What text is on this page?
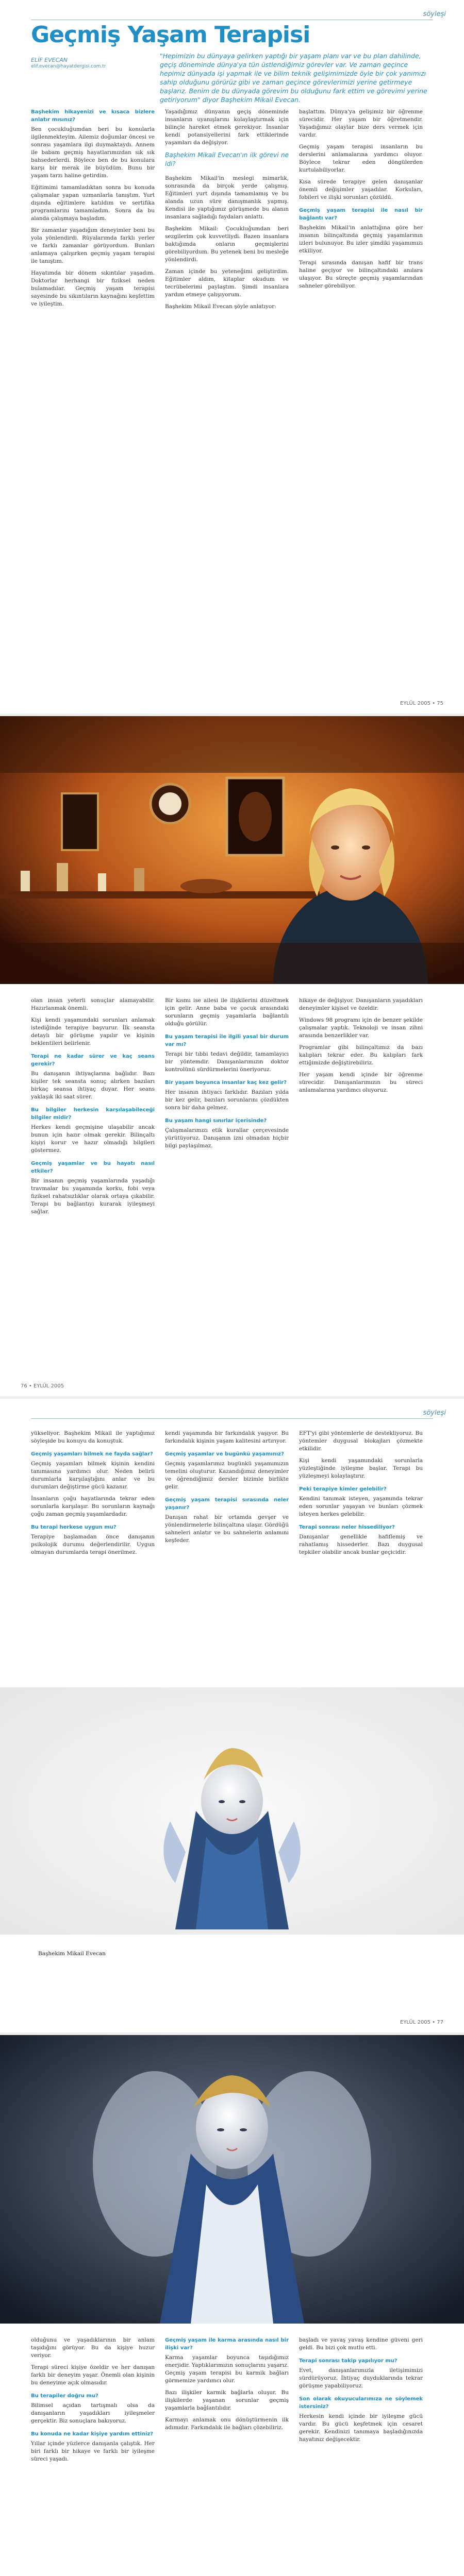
söyleşi
Geçmiş Yaşam Terapisi
ELİF EVECAN
elif.evecan@hayatdergisi.com.tr
"Hepimizin bu dünyaya gelirken yaptığı bir yaşam planı var ve bu plan dahilinde, geçiş döneminde dünya'ya tün üstlendiğimiz görevler var. Ve zaman geçince hepimiz dünyada işi yapmak ile ve bilim teknik gelişimimizde öyle bir çok yanımızı sahip olduğunu görürüz gibi ve zaman geçince görevlerimizi yerine getirmeye başlarız. Benim de bu dünyada görevim bu olduğunu fark ettim ve görevimi yerine getiriyorum" diyor Başhekim Mikail Evecan.
Başhekim hikayenizi ve kısaca bizlere anlatır mısınız?

Ben çocukluğumdan beri bu konularla ilgilenmekteyim. Ailemiz doğumlar öncesi ve sonrası yaşamlara ilgi duymaktaydı. Annem ile babam geçmiş hayatlarımızdan sık sık bahsederlerdi. Böylece ben de bu konulara karşı bir merak ile büyüdüm. Bunu bir yaşam tarzı haline getirdim.

Eğitimimi tamamladıktan sonra bu konuda çalışmalar yapan uzmanlarla tanıştım. Yurt dışında eğitimlere katıldım ve sertifika programlarını tamamladım. Sonra da bu alanda çalışmaya başladım.

Bir zamanlar yaşadığım deneyimler beni bu yola yönlendirdi. Rüyalarımda farklı yerler ve farklı zamanlar görüyordum. Bunları anlamaya çalışırken geçmiş yaşam terapisi ile tanıştım.

Hayatımda bir dönem sıkıntılar yaşadım. Doktorlar herhangi bir fiziksel neden bulamadılar. Geçmiş yaşam terapisi sayesinde bu sıkıntıların kaynağını keşfettim ve iyileştim.

Yaşadığımız dünyanın geçiş döneminde insanların uyanışlarını kolaylaştırmak için bilinçle hareket etmek gerekiyor. İnsanlar kendi potansiyellerini fark ettiklerinde yaşamları da değişiyor.

Başhekim Mikail Evecan'ın ilk görevi ne idi?

Başhekim Mikail'in meslegi mimarlık, sonrasında da birçok yerde çalışmış. Eğitimleri yurt dışında tamamlamış ve bu alanda uzun süre danışmanlık yapmış. Kendisi ile yaptığımız görüşmede bu alanın insanlara sağladığı faydaları anlattı.

Başhekim Mikail: Çocukluğumdan beri sezgilerim çok kuvvetliydi. Bazen insanlara baktığımda onların geçmişlerini görebiliyordum. Bu yetenek beni bu mesleğe yönlendirdi.

Zaman içinde bu yeteneğimi geliştirdim. Eğitimler aldım, kitaplar okudum ve tecrübelerimi paylaştım. Şimdi insanlara yardım etmeye çalışıyorum.

Başhekim Mikail Evecan şöyle anlatıyor:

başlattım. Dünya'ya gelişimiz bir öğrenme sürecidir. Her yaşam bir öğretmendir. Yaşadığımız olaylar bize ders vermek için vardır.

Geçmiş yaşam terapisi insanların bu derslerini anlamalarına yardımcı oluyor. Böylece tekrar eden döngülerden kurtulabiliyorlar.

Kısa sürede terapiye gelen danışanlar önemli değişimler yaşadılar. Korkuları, fobileri ve ilişki sorunları çözüldü.

Geçmiş yaşam terapisi ile nasıl bir bağlantı var?

Başhekim Mikail'in anlattığına göre her insanın bilinçaltında geçmiş yaşamlarının izleri bulunuyor. Bu izler şimdiki yaşamımızı etkiliyor.

Terapi sırasında danışan hafif bir trans haline geçiyor ve bilinçaltındaki anılara ulaşıyor. Bu süreçte geçmiş yaşamlarından sahneler görebiliyor.

EYLÜL 2005 • 75

olan insan yeterli sonuçlar alamayabilir. Hazırlanmak önemli.

Kişi kendi yaşamındaki sorunları anlamak istediğinde terapiye başvurur. İlk seansta detaylı bir görüşme yapılır ve kişinin beklentileri belirlenir.

Terapi ne kadar sürer ve kaç seans gerekir?

Bu danışanın ihtiyaçlarına bağlıdır. Bazı kişiler tek seansta sonuç alırken bazıları birkaç seansa ihtiyaç duyar. Her seans yaklaşık iki saat sürer.

Bu bilgiler herkesin karşılaşabileceği bilgiler midir?

Herkes kendi geçmişine ulaşabilir ancak bunun için hazır olmak gerekir. Bilinçaltı kişiyi korur ve hazır olmadığı bilgileri göstermez.

Geçmiş yaşamlar ve bu hayatı nasıl etkiler?

Bir insanın geçmiş yaşamlarında yaşadığı travmalar bu yaşamında korku, fobi veya fiziksel rahatsızlıklar olarak ortaya çıkabilir. Terapi bu bağlantıyı kurarak iyileşmeyi sağlar.

Bir kısmı ise ailesi ile ilişkilerini düzeltmek için gelir. Anne baba ve çocuk arasındaki sorunların geçmiş yaşamlarla bağlantılı olduğu görülür.

Bu yaşam terapisi ile ilgili yasal bir durum var mı?

Terapi bir tıbbi tedavi değildir, tamamlayıcı bir yöntemdir. Danışanlarımızın doktor kontrolünü sürdürmelerini öneriyoruz.

Bir yaşam boyunca insanlar kaç kez gelir?

Her insanın ihtiyacı farklıdır. Bazıları yılda bir kez gelir, bazıları sorunlarını çözdükten sonra bir daha gelmez.

Bu yaşam hangi sınırlar içerisinde?

Çalışmalarımızı etik kurallar çerçevesinde yürütüyoruz. Danışanın izni olmadan hiçbir bilgi paylaşılmaz.

hikaye de değişiyor. Danışanların yaşadıkları deneyimler kişisel ve özeldir.

Windows 98 programı için de benzer şekilde çalışmalar yaptık. Teknoloji ve insan zihni arasında benzerlikler var.

Programlar gibi bilinçaltımız da bazı kalıpları tekrar eder. Bu kalıpları fark ettiğimizde değiştirebiliriz.

Her yaşam kendi içinde bir öğrenme sürecidir. Danışanlarımızın bu süreci anlamalarına yardımcı oluyoruz.

76 • EYLÜL 2005
söyleşi

yükseliyor. Başhekim Mikail ile yaptığımız söyleşide bu konuyu da konuştuk.

Geçmiş yaşamları bilmek ne fayda sağlar?

Geçmiş yaşamları bilmek kişinin kendini tanımasına yardımcı olur. Neden belirli durumlarla karşılaştığını anlar ve bu durumları değiştirme gücü kazanır.

İnsanların çoğu hayatlarında tekrar eden sorunlarla karşılaşır. Bu sorunların kaynağı çoğu zaman geçmiş yaşamlardadır.

Bu terapi herkese uygun mu?

Terapiye başlamadan önce danışanın psikolojik durumu değerlendirilir. Uygun olmayan durumlarda terapi önerilmez.

kendi yaşamında bir farkındalık yaşıyor. Bu farkındalık kişinin yaşam kalitesini artırıyor.

Geçmiş yaşamlar ve bugünkü yaşamınız?

Geçmiş yaşamlarımız bugünkü yaşamımızın temelini oluşturur. Kazandığımız deneyimler ve öğrendiğimiz dersler bizimle birlikte gelir.

Geçmiş yaşam terapisi sırasında neler yaşanır?

Danışan rahat bir ortamda gevşer ve yönlendirmelerle bilinçaltına ulaşır. Gördüğü sahneleri anlatır ve bu sahnelerin anlamını keşfeder.

EFT'yi gibi yöntemlerle de destekliyoruz. Bu yöntemler duygusal blokajları çözmekte etkilidir.

Kişi kendi yaşamındaki sorunlarla yüzleştiğinde iyileşme başlar. Terapi bu yüzleşmeyi kolaylaştırır.

Peki terapiye kimler gelebilir?

Kendini tanımak isteyen, yaşamında tekrar eden sorunlar yaşayan ve bunları çözmek isteyen herkes gelebilir.

Terapi sonrası neler hissediliyor?

Danışanlar genellikle hafiflemiş ve rahatlamış hissederler. Bazı duygusal tepkiler olabilir ancak bunlar geçicidir.

Başhekim Mikail Evecan
EYLÜL 2005 • 77

olduğunu ve yaşadıklarının bir anlam taşıdığını görüyor. Bu da kişiye huzur veriyor.

Terapi süreci kişiye özeldir ve her danışan farklı bir deneyim yaşar. Önemli olan kişinin bu deneyime açık olmasıdır.

Bu terapiler doğru mu?

Bilimsel açıdan tartışmalı olsa da danışanların yaşadıkları iyileşmeler gerçektir. Biz sonuçlara bakıyoruz.

Bu konuda ne kadar kişiye yardım ettiniz?

Yıllar içinde yüzlerce danışanla çalıştık. Her biri farklı bir hikaye ve farklı bir iyileşme süreci yaşadı.

Geçmiş yaşam ile karma arasında nasıl bir ilişki var?

Karma yaşamlar boyunca taşıdığımız enerjidir. Yaptıklarımızın sonuçlarını yaşarız. Geçmiş yaşam terapisi bu karmik bağları görmemize yardımcı olur.

Bazı ilişkiler karmik bağlarla oluşur. Bu ilişkilerde yaşanan sorunlar geçmiş yaşamlarla bağlantılıdır.

Karmayı anlamak onu dönüştürmenin ilk adımıdır. Farkındalık ile bağları çözebiliriz.

başladı ve yavaş yavaş kendine güveni geri geldi. Bu bizi çok mutlu etti.

Terapi sonrası takip yapılıyor mu?

Evet, danışanlarımızla iletişimimizi sürdürüyoruz. İhtiyaç duyduklarında tekrar görüşme yapabiliyoruz.

Son olarak okuyucularımıza ne söylemek istersiniz?

Herkesin kendi içinde bir iyileşme gücü vardır. Bu gücü keşfetmek için cesaret gerekir. Kendinizi tanımaya başladığınızda hayatınız değişecektir.
